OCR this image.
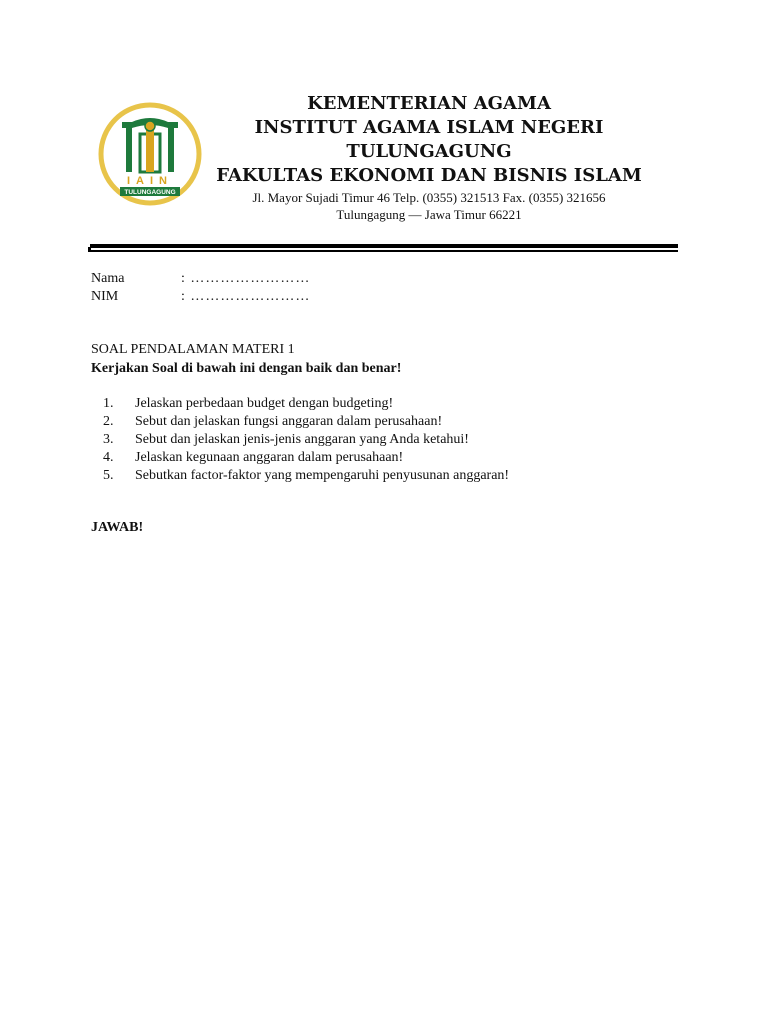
IAIN
TULUNGAGUNG

KEMENTERIAN AGAMA

INSTITUT AGAMA ISLAM NEGERI

TULUNGAGUNG

FAKULTAS EKONOMI DAN BISNIS ISLAM

Jl. Mayor Sujadi Timur 46 Telp. (0355) 321513 Fax. (0355) 321656

Tulungagung — Jawa Timur 66221

Nama	: ……………………
NIM	: ……………………
SOAL PENDALAMAN MATERI 1
Kerjakan Soal di bawah ini dengan baik dan benar!
1.	Jelaskan perbedaan budget dengan budgeting!
2.	Sebut dan jelaskan fungsi anggaran dalam perusahaan!
3.	Sebut dan jelaskan jenis-jenis anggaran yang Anda ketahui!
4.	Jelaskan kegunaan anggaran dalam perusahaan!
5.	Sebutkan factor-faktor yang mempengaruhi penyusunan anggaran!
JAWAB!
